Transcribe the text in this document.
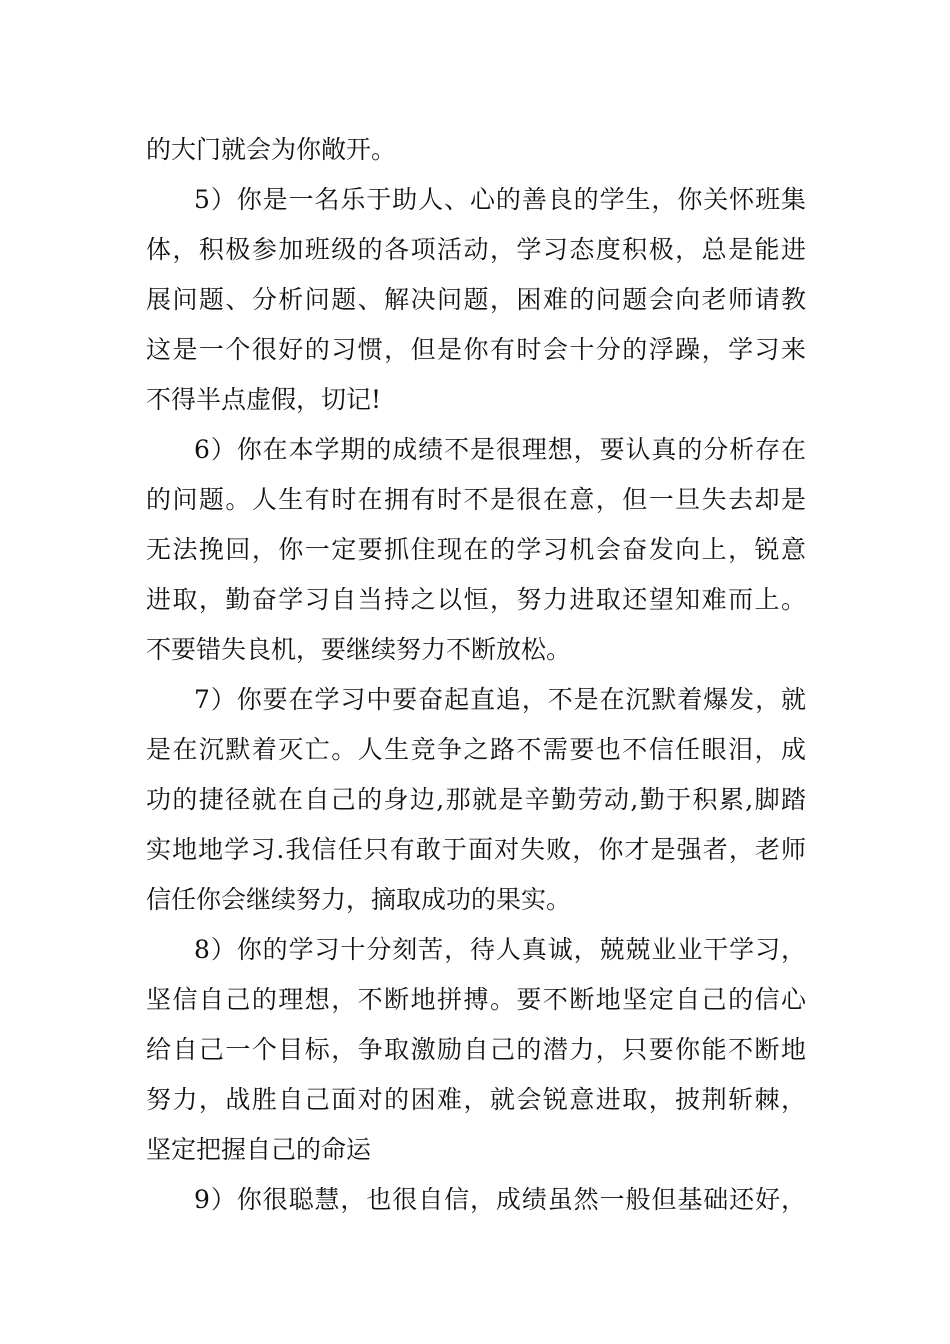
的大门就会为你敞开。
5）你是一名乐于助人、心的善良的学生，你关怀班集
体，积极参加班级的各项活动，学习态度积极，总是能进
展问题、分析问题、解决问题，困难的问题会向老师请教
这是一个很好的习惯，但是你有时会十分的浮躁，学习来
不得半点虚假，切记!
6）你在本学期的成绩不是很理想，要认真的分析存在
的问题。人生有时在拥有时不是很在意，但一旦失去却是
无法挽回，你一定要抓住现在的学习机会奋发向上，锐意
进取，勤奋学习自当持之以恒，努力进取还望知难而上。
不要错失良机，要继续努力不断放松。
7）你要在学习中要奋起直追，不是在沉默着爆发，就
是在沉默着灭亡。人生竞争之路不需要也不信任眼泪，成
功的捷径就在自己的身边,那就是辛勤劳动,勤于积累,脚踏
实地地学习.我信任只有敢于面对失败，你才是强者，老师
信任你会继续努力，摘取成功的果实。
8）你的学习十分刻苦，待人真诚，兢兢业业干学习，
坚信自己的理想，不断地拼搏。要不断地坚定自己的信心
给自己一个目标，争取激励自己的潜力，只要你能不断地
努力，战胜自己面对的困难，就会锐意进取，披荆斩棘，
坚定把握自己的命运
9）你很聪慧，也很自信，成绩虽然一般但基础还好，
